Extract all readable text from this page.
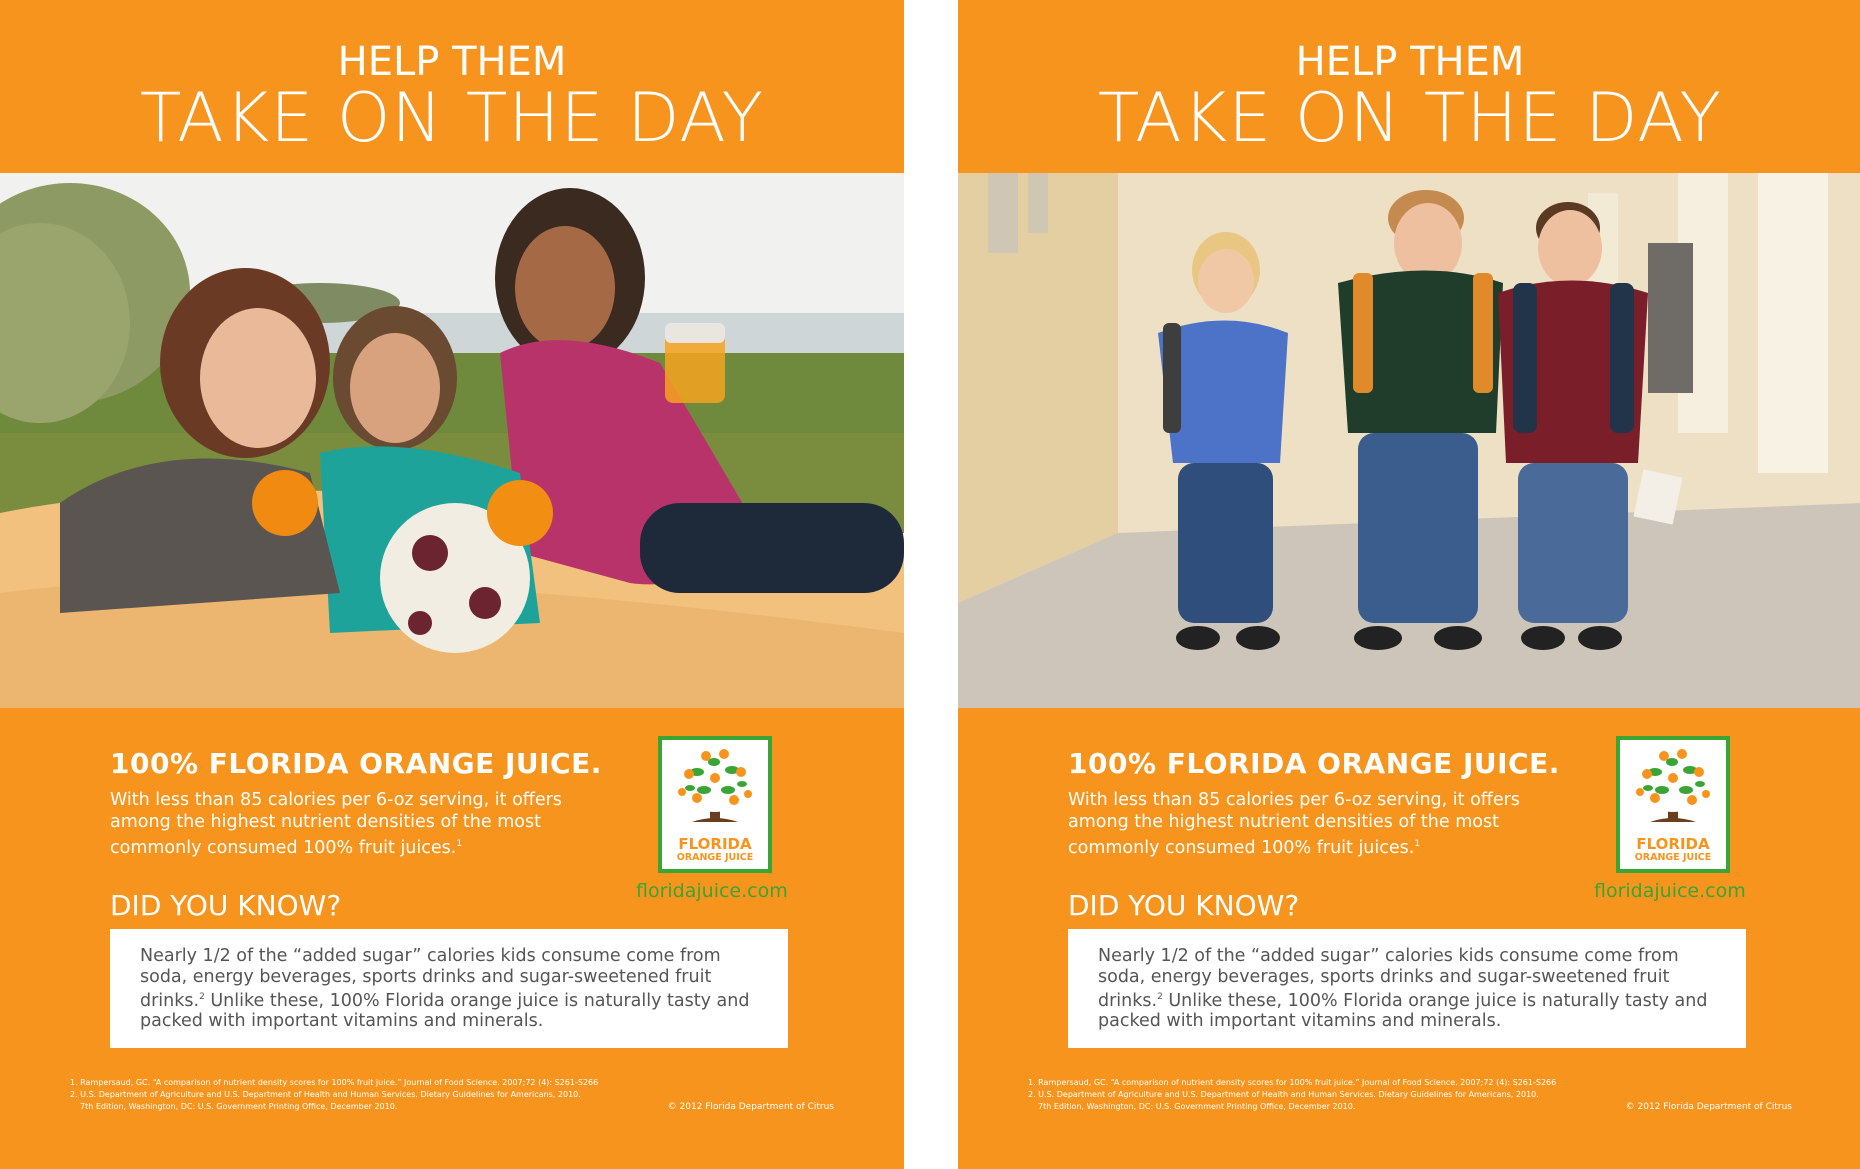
HELP THEM
TAKE ON THE DAY
100% FLORIDA ORANGE JUICE.
With less than 85 calories per 6-oz serving, it offers among the highest nutrient densities of the most commonly consumed 100% fruit juices.$^1$
DID YOU KNOW?
FLORIDA
ORANGE JUICE
floridajuice.com
Nearly 1/2 of the “added sugar” calories kids consume come from soda, energy beverages, sports drinks and sugar-sweetened fruit drinks.$^2$ Unlike these, 100% Florida orange juice is naturally tasty and packed with important vitamins and minerals.
1. Rampersaud, GC. “A comparison of nutrient density scores for 100% fruit juice.” Journal of Food Science. 2007;72 (4): S261-S266
2. U.S. Department of Agriculture and U.S. Department of Health and Human Services. Dietary Guidelines for Americans, 2010.
7th Edition, Washington, DC: U.S. Government Printing Office, December 2010.	© 2012 Florida Department of Citrus
HELP THEM
TAKE ON THE DAY
100% FLORIDA ORANGE JUICE.
With less than 85 calories per 6-oz serving, it offers among the highest nutrient densities of the most commonly consumed 100% fruit juices.$^1$
DID YOU KNOW?
FLORIDA
ORANGE JUICE
floridajuice.com
Nearly 1/2 of the “added sugar” calories kids consume come from soda, energy beverages, sports drinks and sugar-sweetened fruit drinks.$^2$ Unlike these, 100% Florida orange juice is naturally tasty and packed with important vitamins and minerals.
1. Rampersaud, GC. “A comparison of nutrient density scores for 100% fruit juice.” Journal of Food Science. 2007;72 (4): S261-S266
2. U.S. Department of Agriculture and U.S. Department of Health and Human Services. Dietary Guidelines for Americans, 2010.
7th Edition, Washington, DC: U.S. Government Printing Office, December 2010.	© 2012 Florida Department of Citrus
